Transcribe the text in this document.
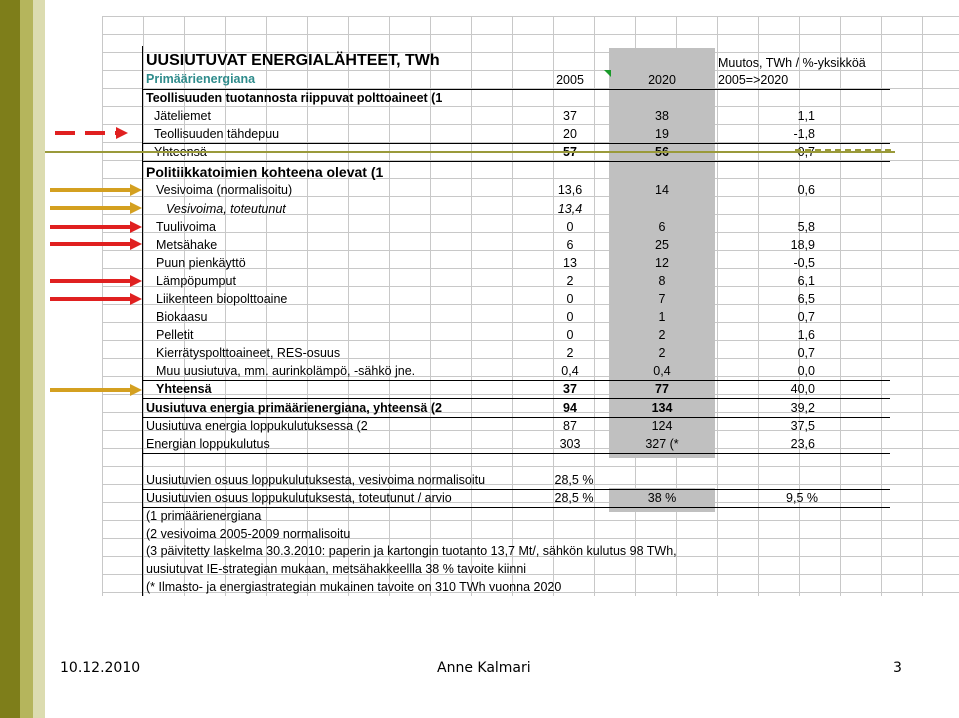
UUSIUTUVAT ENERGIALÄHTEET, TWh	Muutos, TWh / %-yksikköä
Primäärienergiana	2005	2020	2005=>2020
Teollisuuden tuotannosta riippuvat polttoaineet (1
Jäteliemet	37	38	1,1
Teollisuuden tähdepuu	20	19	-1,8
Yhteensä	57	56	-0,7
Politiikkatoimien kohteena olevat (1
Vesivoima (normalisoitu)	13,6	14	0,6
Vesivoima, toteutunut	13,4
Tuulivoima	0	6	5,8
Metsähake	6	25	18,9
Puun pienkäyttö	13	12	-0,5
Lämpöpumput	2	8	6,1
Liikenteen biopolttoaine	0	7	6,5
Biokaasu	0	1	0,7
Pelletit	0	2	1,6
Kierrätyspolttoaineet, RES-osuus	2	2	0,7
Muu uusiutuva, mm. aurinkolämpö, -sähkö jne.	0,4	0,4	0,0
Yhteensä	37	77	40,0
Uusiutuva energia primäärienergiana, yhteensä (2	94	134	39,2
Uusiutuva energia loppukulutuksessa (2	87	124	37,5
Energian loppukulutus	303	327 (*	23,6
Uusiutuvien osuus loppukulutuksesta, vesivoima normalisoitu	28,5 %
Uusiutuvien osuus loppukulutuksesta, toteutunut / arvio	28,5 %	38 %	9,5 %
(1 primäärienergiana
(2 vesivoima 2005-2009 normalisoitu
(3 päivitetty laskelma 30.3.2010: paperin ja kartongin tuotanto 13,7 Mt/, sähkön kulutus 98 TWh,
uusiutuvat IE-strategian mukaan, metsähakkeellla 38 % tavoite kiinni
(* Ilmasto- ja energiastrategian mukainen tavoite on 310 TWh vuonna 2020
10.12.2010	Anne Kalmari	3
